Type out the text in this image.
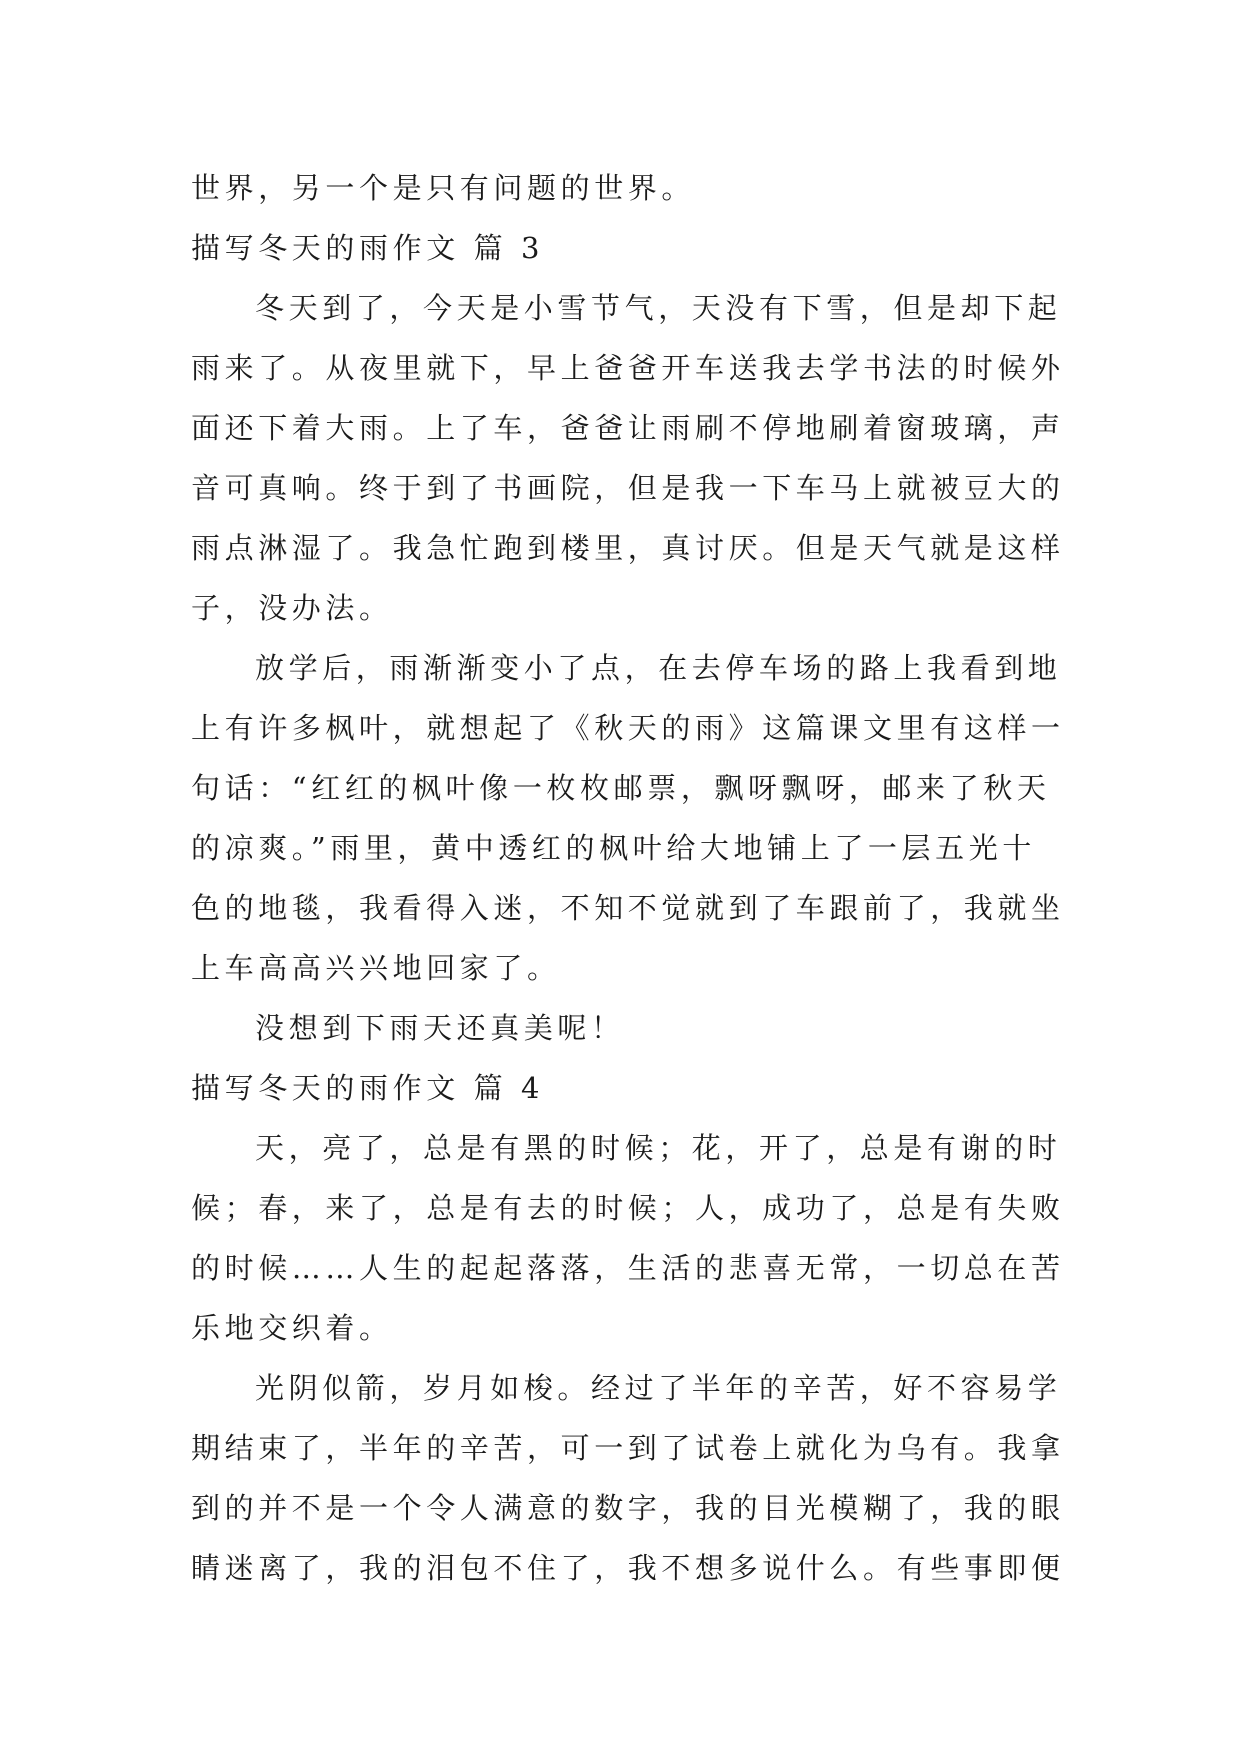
世界，另一个是只有问题的世界。
描写冬天的雨作文 篇 3
冬天到了，今天是小雪节气，天没有下雪，但是却下起
雨来了。从夜里就下，早上爸爸开车送我去学书法的时候外
面还下着大雨。上了车，爸爸让雨刷不停地刷着窗玻璃，声
音可真响。终于到了书画院，但是我一下车马上就被豆大的
雨点淋湿了。我急忙跑到楼里，真讨厌。但是天气就是这样
子，没办法。
放学后，雨渐渐变小了点，在去停车场的路上我看到地
上有许多枫叶，就想起了《秋天的雨》这篇课文里有这样一
句话：“红红的枫叶像一枚枚邮票，飘呀飘呀，邮来了秋天
的凉爽。”雨里，黄中透红的枫叶给大地铺上了一层五光十
色的地毯，我看得入迷，不知不觉就到了车跟前了，我就坐
上车高高兴兴地回家了。
没想到下雨天还真美呢！
描写冬天的雨作文 篇 4
天，亮了，总是有黑的时候；花，开了，总是有谢的时
候；春，来了，总是有去的时候；人，成功了，总是有失败
的时候……人生的起起落落，生活的悲喜无常，一切总在苦
乐地交织着。
光阴似箭，岁月如梭。经过了半年的辛苦，好不容易学
期结束了，半年的辛苦，可一到了试卷上就化为乌有。我拿
到的并不是一个令人满意的数字，我的目光模糊了，我的眼
睛迷离了，我的泪包不住了，我不想多说什么。有些事即便
